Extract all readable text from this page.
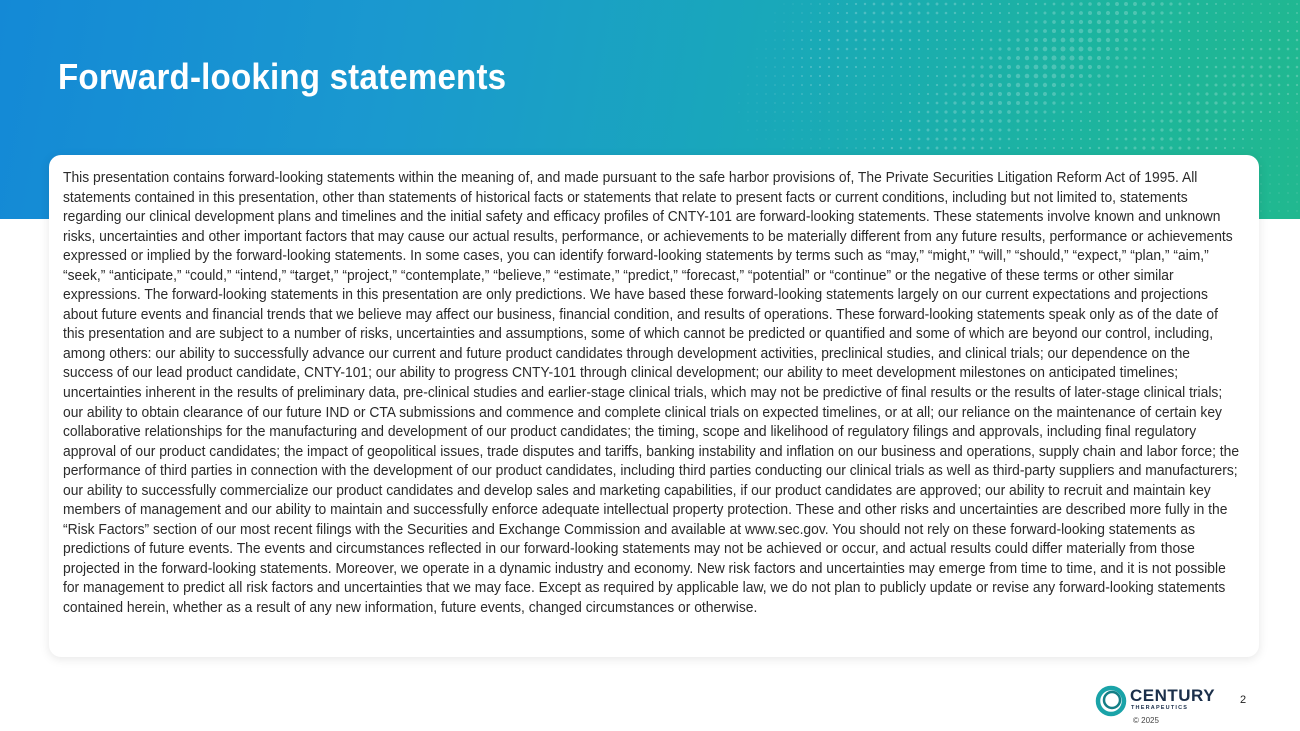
Forward-looking statements

This presentation contains forward-looking statements within the meaning of, and made pursuant to the safe harbor provisions of, The Private Securities Litigation Reform Act of 1995. All statements contained in this presentation, other than statements of historical facts or statements that relate to present facts or current conditions, including but not limited to, statements regarding our clinical development plans and timelines and the initial safety and efficacy profiles of CNTY-101 are forward-looking statements. These statements involve known and unknown risks, uncertainties and other important factors that may cause our actual results, performance, or achievements to be materially different from any future results, performance or achievements expressed or implied by the forward-looking statements. In some cases, you can identify forward-looking statements by terms such as “may,” “might,” “will,” “should,” “expect,” “plan,” “aim,” “seek,” “anticipate,” “could,” “intend,” “target,” “project,” “contemplate,” “believe,” “estimate,” “predict,” “forecast,” “potential” or “continue” or the negative of these terms or other similar expressions. The forward-looking statements in this presentation are only predictions. We have based these forward-looking statements largely on our current expectations and projections about future events and financial trends that we believe may affect our business, financial condition, and results of operations. These forward-looking statements speak only as of the date of this presentation and are subject to a number of risks, uncertainties and assumptions, some of which cannot be predicted or quantified and some of which are beyond our control, including, among others: our ability to successfully advance our current and future product candidates through development activities, preclinical studies, and clinical trials; our dependence on the success of our lead product candidate, CNTY-101; our ability to progress CNTY-101 through clinical development; our ability to meet development milestones on anticipated timelines; uncertainties inherent in the results of preliminary data, pre-clinical studies and earlier-stage clinical trials, which may not be predictive of final results or the results of later-stage clinical trials; our ability to obtain clearance of our future IND or CTA submissions and commence and complete clinical trials on expected timelines, or at all; our reliance on the maintenance of certain key collaborative relationships for the manufacturing and development of our product candidates; the timing, scope and likelihood of regulatory filings and approvals, including final regulatory approval of our product candidates; the impact of geopolitical issues, trade disputes and tariffs, banking instability and inflation on our business and operations, supply chain and labor force; the performance of third parties in connection with the development of our product candidates, including third parties conducting our clinical trials as well as third-party suppliers and manufacturers; our ability to successfully commercialize our product candidates and develop sales and marketing capabilities, if our product candidates are approved; our ability to recruit and maintain key members of management and our ability to maintain and successfully enforce adequate intellectual property protection. These and other risks and uncertainties are described more fully in the “Risk Factors” section of our most recent filings with the Securities and Exchange Commission and available at www.sec.gov. You should not rely on these forward-looking statements as predictions of future events. The events and circumstances reflected in our forward-looking statements may not be achieved or occur, and actual results could differ materially from those projected in the forward-looking statements. Moreover, we operate in a dynamic industry and economy. New risk factors and uncertainties may emerge from time to time, and it is not possible for management to predict all risk factors and uncertainties that we may face. Except as required by applicable law, we do not plan to publicly update or revise any forward-looking statements contained herein, whether as a result of any new information, future events, changed circumstances or otherwise.

CENTURY
THERAPEUTICS
© 2025
2
